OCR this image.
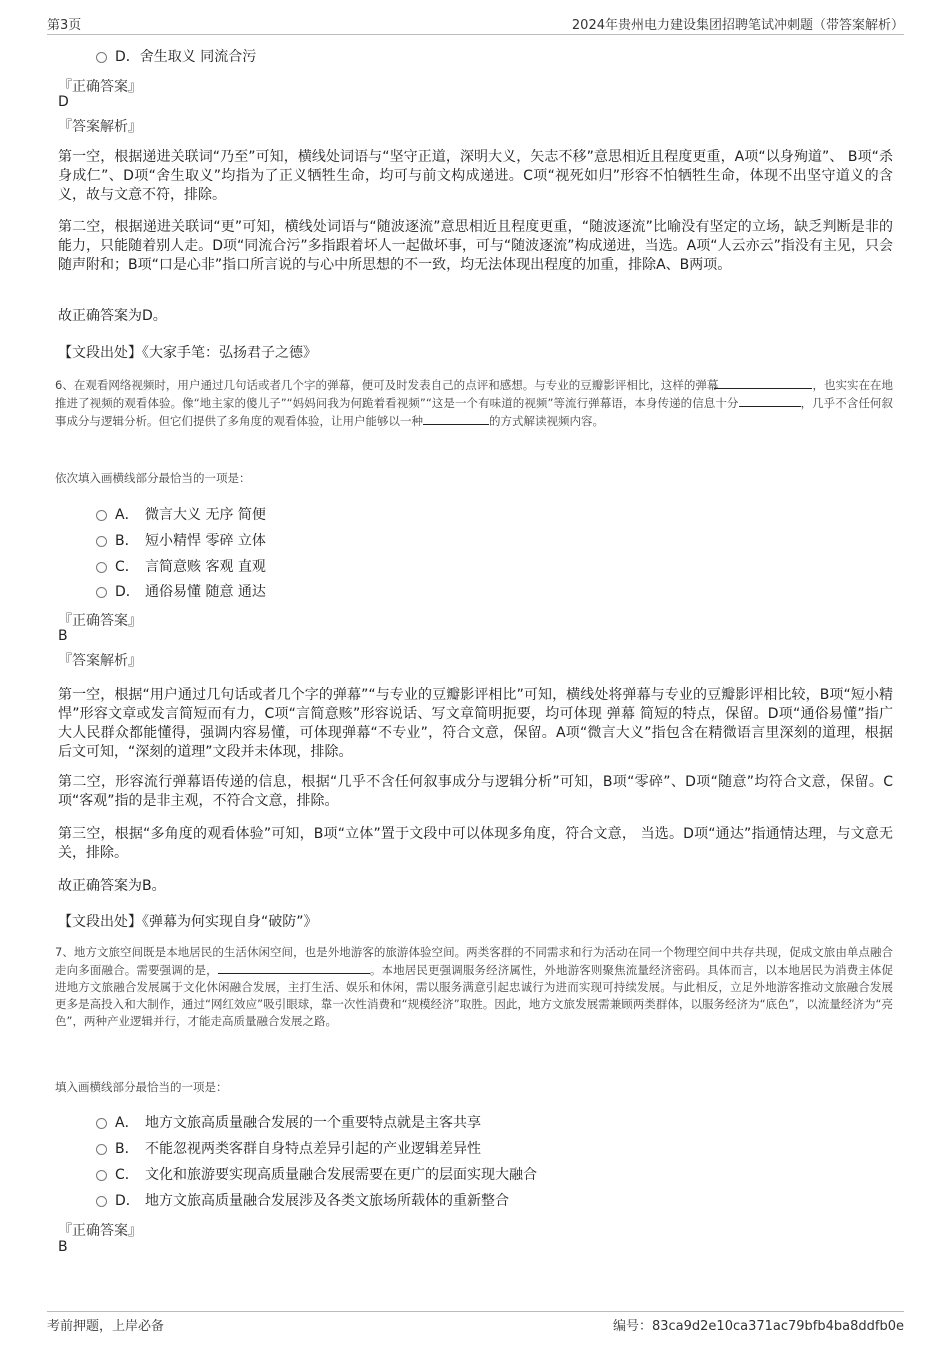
第3页	2024年贵州电力建设集团招聘笔试冲刺题（带答案解析）
D．舍生取义 同流合污
『正确答案』
D
『答案解析』
第一空，根据递进关联词“乃至”可知，横线处词语与“坚守正道，深明大义，矢志不移”意思相近且程度更重，A项“以身殉道”、 B项“杀身成仁”、D项“舍生取义”均指为了正义牺牲生命，均可与前文构成递进。C项“视死如归”形容不怕牺牲生命，体现不出坚守道义的含义，故与文意不符，排除。
第二空，根据递进关联词“更”可知，横线处词语与“随波逐流”意思相近且程度更重，“随波逐流”比喻没有坚定的立场，缺乏判断是非的能力，只能随着别人走。D项“同流合污”多指跟着坏人一起做坏事，可与“随波逐流”构成递进，当选。A项“人云亦云”指没有主见，只会随声附和；B项“口是心非”指口所言说的与心中所思想的不一致，均无法体现出程度的加重，排除A、B两项。
故正确答案为D。
【文段出处】《大家手笔：弘扬君子之德》
6、在观看网络视频时，用户通过几句话或者几个字的弹幕，便可及时发表自己的点评和感想。与专业的豆瓣影评相比，这样的弹幕	，也实实在在地推进了视频的观看体验。像“地主家的傻儿子”“妈妈问我为何跪着看视频”“这是一个有味道的视频”等流行弹幕语，本身传递的信息十分	，几乎不含任何叙事成分与逻辑分析。但它们提供了多角度的观看体验，让用户能够以一种	的方式解读视频内容。
依次填入画横线部分最恰当的一项是：
A． 微言大义 无序 简便
B． 短小精悍 零碎 立体
C． 言简意赅 客观 直观
D． 通俗易懂 随意 通达
『正确答案』
B
『答案解析』
第一空，根据“用户通过几句话或者几个字的弹幕”“与专业的豆瓣影评相比”可知，横线处将弹幕与专业的豆瓣影评相比较，B项“短小精悍”形容文章或发言简短而有力，C项“言简意赅”形容说话、写文章简明扼要，均可体现 弹幕 简短的特点，保留。D项“通俗易懂”指广大人民群众都能懂得，强调内容易懂，可体现弹幕“不专业”，符合文意，保留。A项“微言大义”指包含在精微语言里深刻的道理，根据后文可知，“深刻的道理”文段并未体现，排除。
第二空，形容流行弹幕语传递的信息，根据“几乎不含任何叙事成分与逻辑分析”可知，B项“零碎”、D项“随意”均符合文意，保留。C项“客观”指的是非主观，不符合文意，排除。
第三空，根据“多角度的观看体验”可知，B项“立体”置于文段中可以体现多角度，符合文意， 当选。D项“通达”指通情达理，与文意无关，排除。
故正确答案为B。
【文段出处】《弹幕为何实现自身“破防”》
7、地方文旅空间既是本地居民的生活休闲空间，也是外地游客的旅游体验空间。两类客群的不同需求和行为活动在同一个物理空间中共存共现，促成文旅由单点融合走向多面融合。需要强调的是，	。本地居民更强调服务经济属性，外地游客则聚焦流量经济密码。具体而言，以本地居民为消费主体促进地方文旅融合发展属于文化休闲融合发展，主打生活、娱乐和休闲，需以服务满意引起忠诚行为进而实现可持续发展。与此相反，立足外地游客推动文旅融合发展更多是高投入和大制作，通过“网红效应”吸引眼球，靠一次性消费和“规模经济”取胜。因此，地方文旅发展需兼顾两类群体，以服务经济为“底色”，以流量经济为“亮色”，两种产业逻辑并行，才能走高质量融合发展之路。
填入画横线部分最恰当的一项是：
A． 地方文旅高质量融合发展的一个重要特点就是主客共享
B． 不能忽视两类客群自身特点差异引起的产业逻辑差异性
C． 文化和旅游要实现高质量融合发展需要在更广的层面实现大融合
D． 地方文旅高质量融合发展涉及各类文旅场所载体的重新整合
『正确答案』
B
考前押题，上岸必备	编号：83ca9d2e10ca371ac79bfb4ba8ddfb0e
